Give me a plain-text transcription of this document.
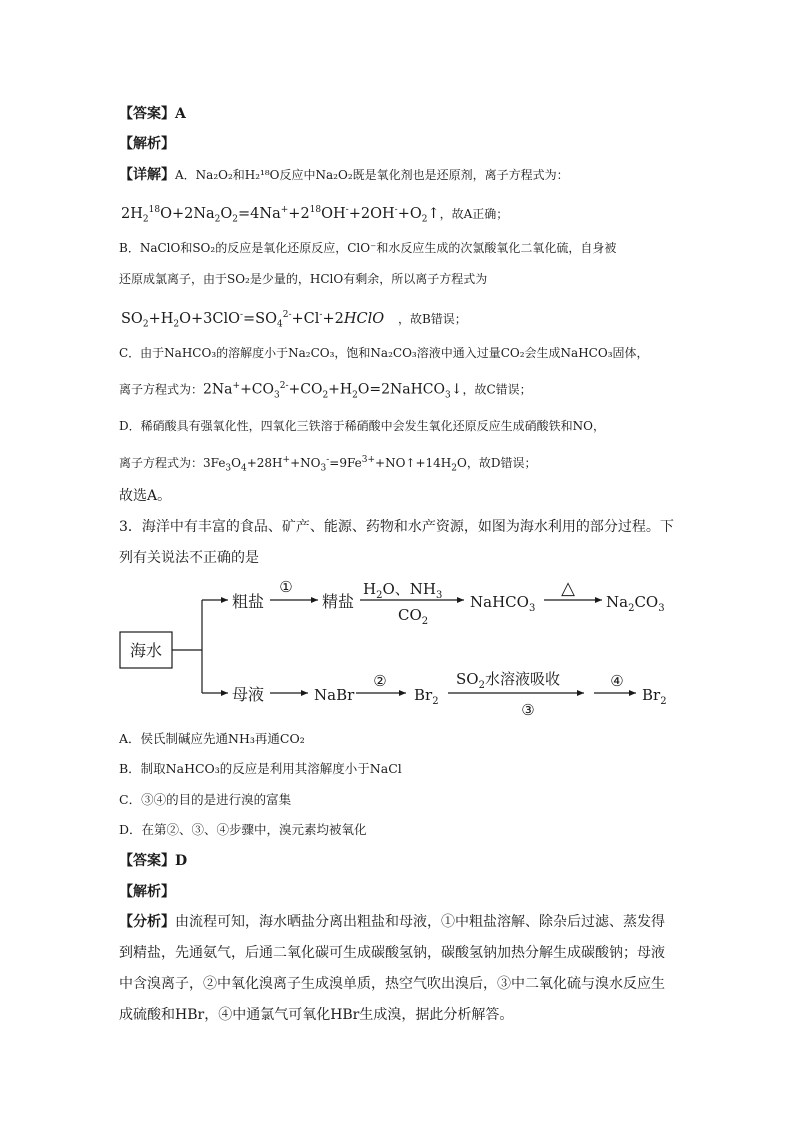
【答案】A
【解析】
【详解】A．Na₂O₂和H₂¹⁸O反应中Na₂O₂既是氧化剂也是还原剂，离子方程式为：
$2H_2^{18}O+2Na_2O_2=4Na^++2^{18}OH^-+2OH^-+O_2↑$，故A正确；
B．NaClO和SO₂的反应是氧化还原反应，ClO⁻和水反应生成的次氯酸氧化二氧化硫，自身被
还原成氯离子，由于SO₂是少量的，HClO有剩余，所以离子方程式为
$SO_2+H_2O+3ClO^-=SO_4^{2-}+Cl^-+2HClO$ ，故B错误；
C．由于NaHCO₃的溶解度小于Na₂CO₃，饱和Na₂CO₃溶液中通入过量CO₂会生成NaHCO₃固体，
离子方程式为：$2Na^++CO_3^{2-}+CO_2+H_2O=2NaHCO_3↓$，故C错误；
D．稀硝酸具有强氧化性，四氧化三铁溶于稀硝酸中会发生氧化还原反应生成硝酸铁和NO，
离子方程式为：$3Fe_3O_4+28H^++NO_3^-=9Fe^{3+}+NO↑+14H_2O$，故D错误；
故选A。
3．海洋中有丰富的食品、矿产、能源、药物和水产资源，如图为海水利用的部分过程。下
列有关说法不正确的是
海水
粗盐
①
精盐
$H_2O$、$NH_3$
$CO_2$
NaHCO$_3$
△
$Na_2CO_3$
母液	NaBr
②
$Br_2$
$SO_2$水溶液吸收
③
④
$Br_2$
A．侯氏制碱应先通NH₃再通CO₂
B．制取NaHCO₃的反应是利用其溶解度小于NaCl
C．③④的目的是进行溴的富集
D．在第②、③、④步骤中，溴元素均被氧化
【答案】D
【解析】
【分析】由流程可知，海水晒盐分离出粗盐和母液，①中粗盐溶解、除杂后过滤、蒸发得到精盐，先通氨气，后通二氧化碳可生成碳酸氢钠，碳酸氢钠加热分解生成碳酸钠；母液中含溴离子，②中氧化溴离子生成溴单质，热空气吹出溴后，③中二氧化硫与溴水反应生成硫酸和HBr，④中通氯气可氧化HBr生成溴，据此分析解答。
